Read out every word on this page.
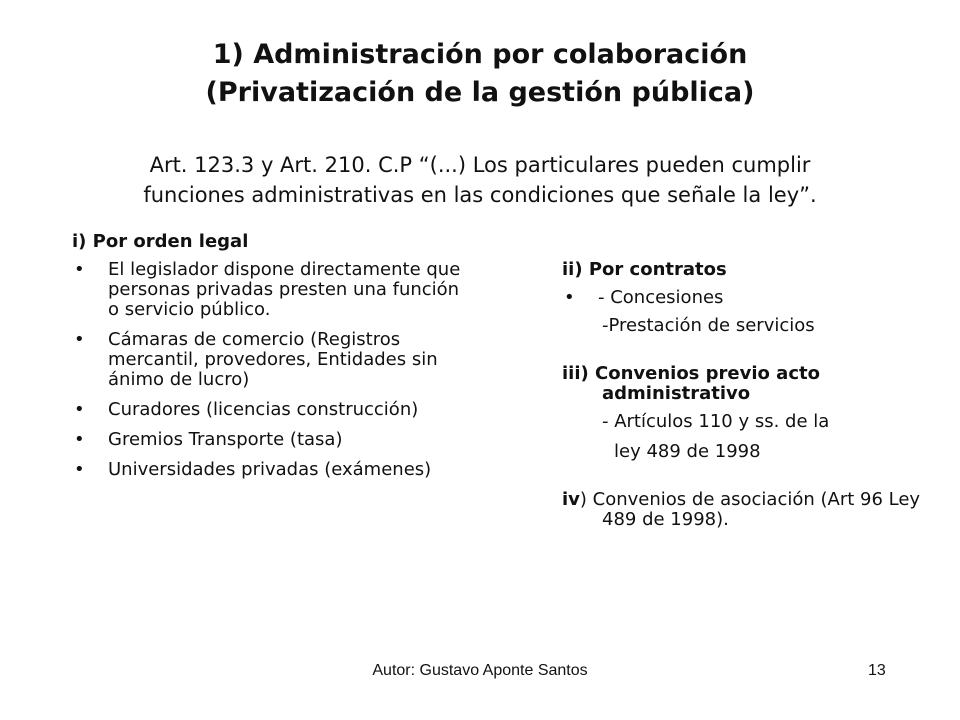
1) Administración por colaboración
(Privatización de la gestión pública)
Art. 123.3 y Art. 210. C.P “(...) Los particulares pueden cumplir
funciones administrativas en las condiciones que señale la ley”.
i) Por orden legal
• El legislador dispone directamente que personas privadas presten una función o servicio público.
• Cámaras de comercio (Registros mercantil, provedores, Entidades sin ánimo de lucro)
• Curadores (licencias construcción)
• Gremios Transporte (tasa)
• Universidades privadas (exámenes)
ii) Por contratos
• - Concesiones
-Prestación de servicios
iii) Convenios previo acto administrativo
- Artículos 110 y ss. de la
ley 489 de 1998
iv) Convenios de asociación (Art 96 Ley 489 de 1998).
Autor: Gustavo Aponte Santos	13
